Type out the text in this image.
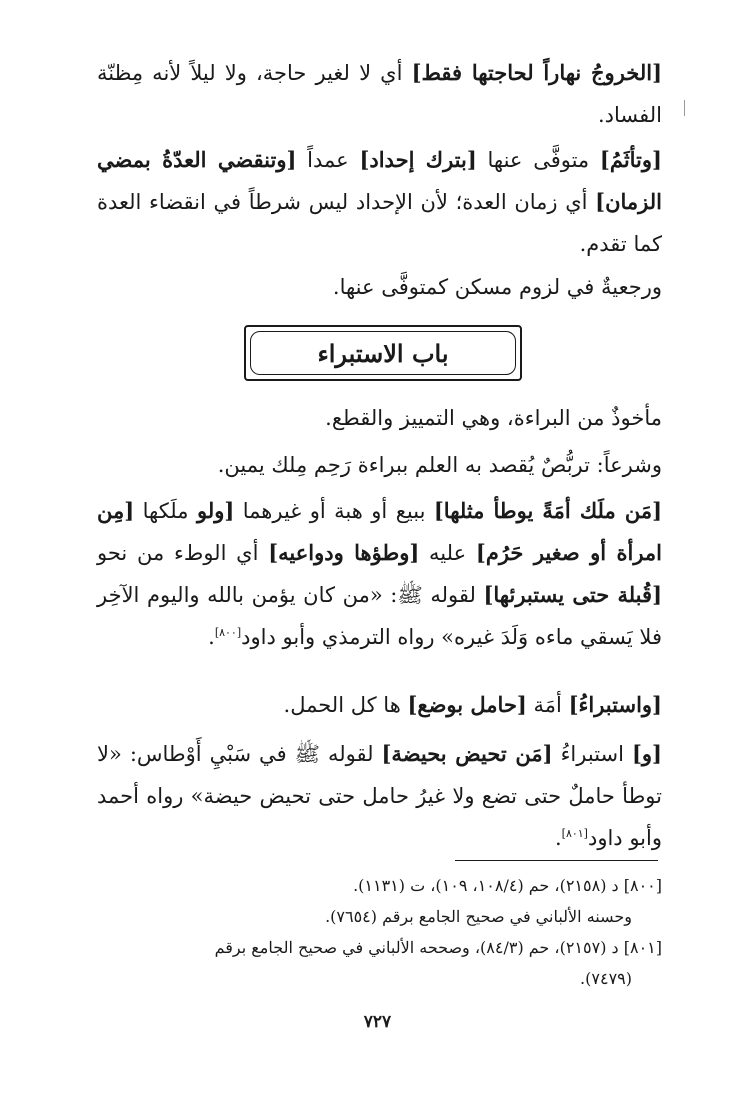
[الخروجُ نهاراً لحاجتها فقط] أي لا لغير حاجة، ولا ليلاً لأنه مِظنّة الفساد.
[وتأثَمُ] متوفَّى عنها [بترك إحداد] عمداً [وتنقضي العدّةُ بمضي الزمان] أي زمان العدة؛ لأن الإحداد ليس شرطاً في انقضاء العدة كما تقدم.
ورجعيةٌ في لزوم مسكن كمتوفَّى عنها.
باب الاستبراء
مأخوذٌ من البراءة، وهي التمييز والقطع.
وشرعاً: تربُّصٌ يُقصد به العلم ببراءة رَحِم مِلك يمين.
[مَن ملَك أمَةً يوطأ مثلها] ببيع أو هبة أو غيرهما [ولو ملَكها [مِن امرأة أو صغير حَرُم] عليه [وطؤها ودواعيه] أي الوطء من نحو [قُبلة حتى يستبرئها] لقوله ﷺ: «من كان يؤمن بالله واليوم الآخِر فلا يَسقي ماءه وَلَدَ غيره» رواه الترمذي وأبو داود[٨٠٠].
[واستبراءُ] أمَة [حامل بوضع] ها كل الحمل.
[و] استبراءُ [مَن تحيض بحيضة] لقوله ﷺ في سَبْيِ أَوْطاس: «لا توطأ حاملٌ حتى تضع ولا غيرُ حامل حتى تحيض حيضة» رواه أحمد وأبو داود[٨٠١].
[٨٠٠] د (٢١٥٨)، حم (١٠٨/٤، ١٠٩)، ت (١١٣١).
وحسنه الألباني في صحيح الجامع برقم (٧٦٥٤).
[٨٠١] د (٢١٥٧)، حم (٨٤/٣)، وصححه الألباني في صحيح الجامع برقم
(٧٤٧٩).
٧٢٧
